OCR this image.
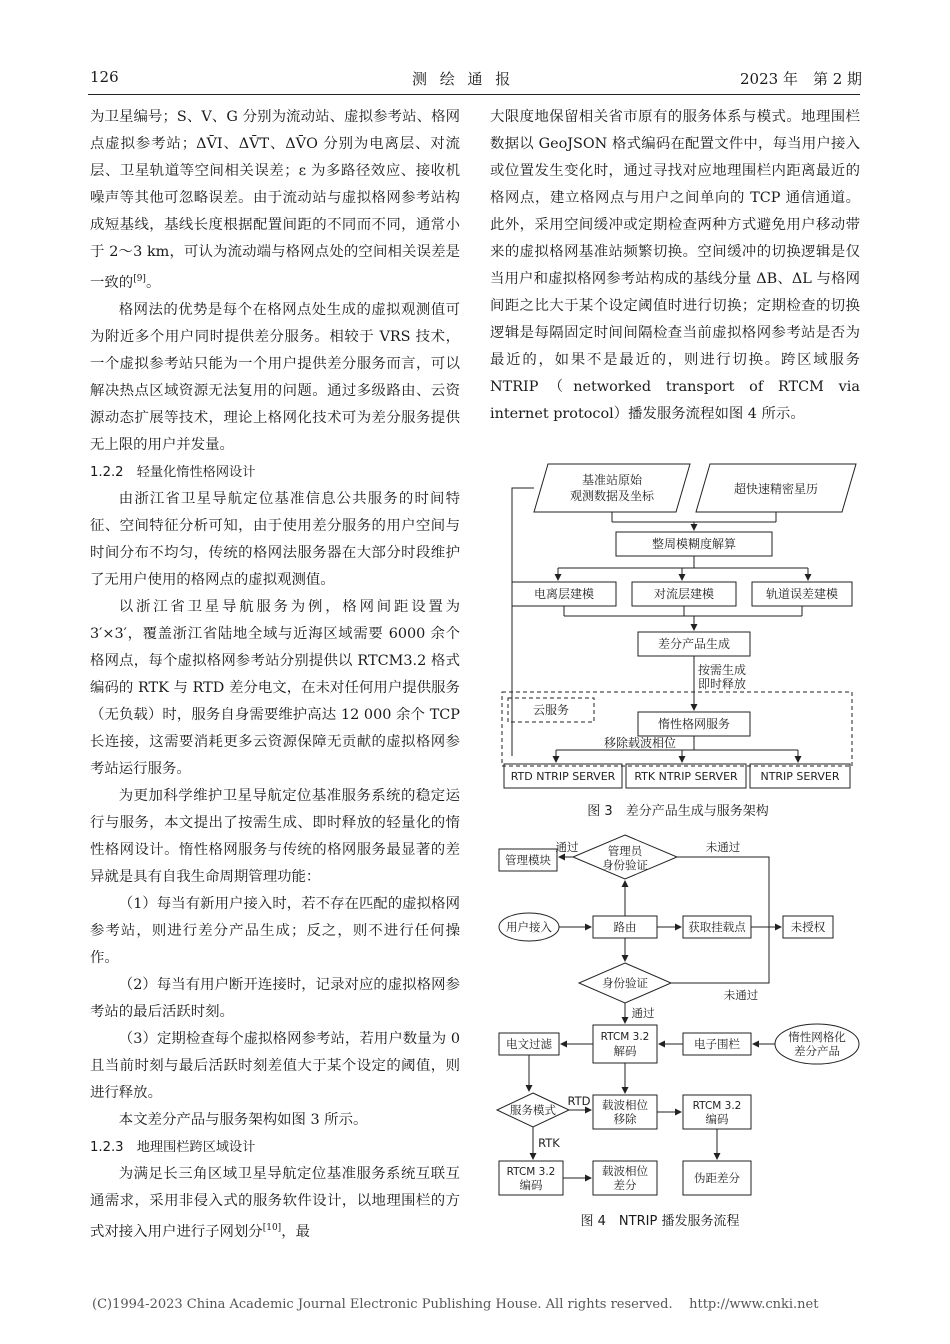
126	测 绘 通 报	2023 年　第 2 期

为卫星编号；S、V、G 分别为流动站、虚拟参考站、格网点虚拟参考站；ΔV̄I、ΔV̄T、ΔV̄O 分别为电离层、对流层、卫星轨道等空间相关误差；ε 为多路径效应、接收机噪声等其他可忽略误差。由于流动站与虚拟格网参考站构成短基线，基线长度根据配置间距的不同而不同，通常小于 2～3 km，可认为流动端与格网点处的空间相关误差是一致的[9]。

格网法的优势是每个在格网点处生成的虚拟观测值可为附近多个用户同时提供差分服务。相较于 VRS 技术，一个虚拟参考站只能为一个用户提供差分服务而言，可以解决热点区域资源无法复用的问题。通过多级路由、云资源动态扩展等技术，理论上格网化技术可为差分服务提供无上限的用户并发量。

1.2.2　轻量化惰性格网设计

由浙江省卫星导航定位基准信息公共服务的时间特征、空间特征分析可知，由于使用差分服务的用户空间与时间分布不均匀，传统的格网法服务器在大部分时段维护了无用户使用的格网点的虚拟观测值。

以浙江省卫星导航服务为例，格网间距设置为 3′×3′，覆盖浙江省陆地全域与近海区域需要 6000 余个格网点，每个虚拟格网参考站分别提供以 RTCM3.2 格式编码的 RTK 与 RTD 差分电文，在未对任何用户提供服务（无负载）时，服务自身需要维护高达 12 000 余个 TCP 长连接，这需要消耗更多云资源保障无贡献的虚拟格网参考站运行服务。

为更加科学维护卫星导航定位基准服务系统的稳定运行与服务，本文提出了按需生成、即时释放的轻量化的惰性格网设计。惰性格网服务与传统的格网服务最显著的差异就是具有自我生命周期管理功能：

（1）每当有新用户接入时，若不存在匹配的虚拟格网参考站，则进行差分产品生成；反之，则不进行任何操作。

（2）每当有用户断开连接时，记录对应的虚拟格网参考站的最后活跃时刻。

（3）定期检查每个虚拟格网参考站，若用户数量为 0 且当前时刻与最后活跃时刻差值大于某个设定的阈值，则进行释放。

本文差分产品与服务架构如图 3 所示。

1.2.3　地理围栏跨区域设计

为满足长三角区域卫星导航定位基准服务系统互联互通需求，采用非侵入式的服务软件设计，以地理围栏的方式对接入用户进行子网划分[10]，最

大限度地保留相关省市原有的服务体系与模式。地理围栏数据以 GeoJSON 格式编码在配置文件中，每当用户接入或位置发生变化时，通过寻找对应地理围栏内距离最近的格网点，建立格网点与用户之间单向的 TCP 通信通道。此外，采用空间缓冲或定期检查两种方式避免用户移动带来的虚拟格网基准站频繁切换。空间缓冲的切换逻辑是仅当用户和虚拟格网参考站构成的基线分量 ΔB、ΔL 与格网间距之比大于某个设定阈值时进行切换；定期检查的切换逻辑是每隔固定时间间隔检查当前虚拟格网参考站是否为最近的，如果不是最近的，则进行切换。跨区域服务 NTRIP（networked transport of RTCM via internet protocol）播发服务流程如图 4 所示。

基准站原始
观测数据及坐标	超快速精密星历
整周模糊度解算
电离层建模	对流层建模	轨道误差建模
差分产品生成
按需生成
即时释放
云服务
惰性格网服务
移除载波相位
RTD NTRIP SERVER RTK NTRIP SERVER NTRIP SERVER
图 3　差分产品生成与服务架构
管理模块
通过	管理员
身份验证
未通过
用户接入	路由	获取挂载点	未授权
身份验证
未通过
通过
电文过滤	RTCM 3.2
解码	电子围栏	惰性网格化
差分产品
服务模式
RTD
RTK
载波相位
移除
RTCM 3.2
编码
RTCM 3.2
编码
载波相位
差分	伪距差分
图 4　NTRIP 播发服务流程
(C)1994-2023 China Academic Journal Electronic Publishing House. All rights reserved.    http://www.cnki.net
